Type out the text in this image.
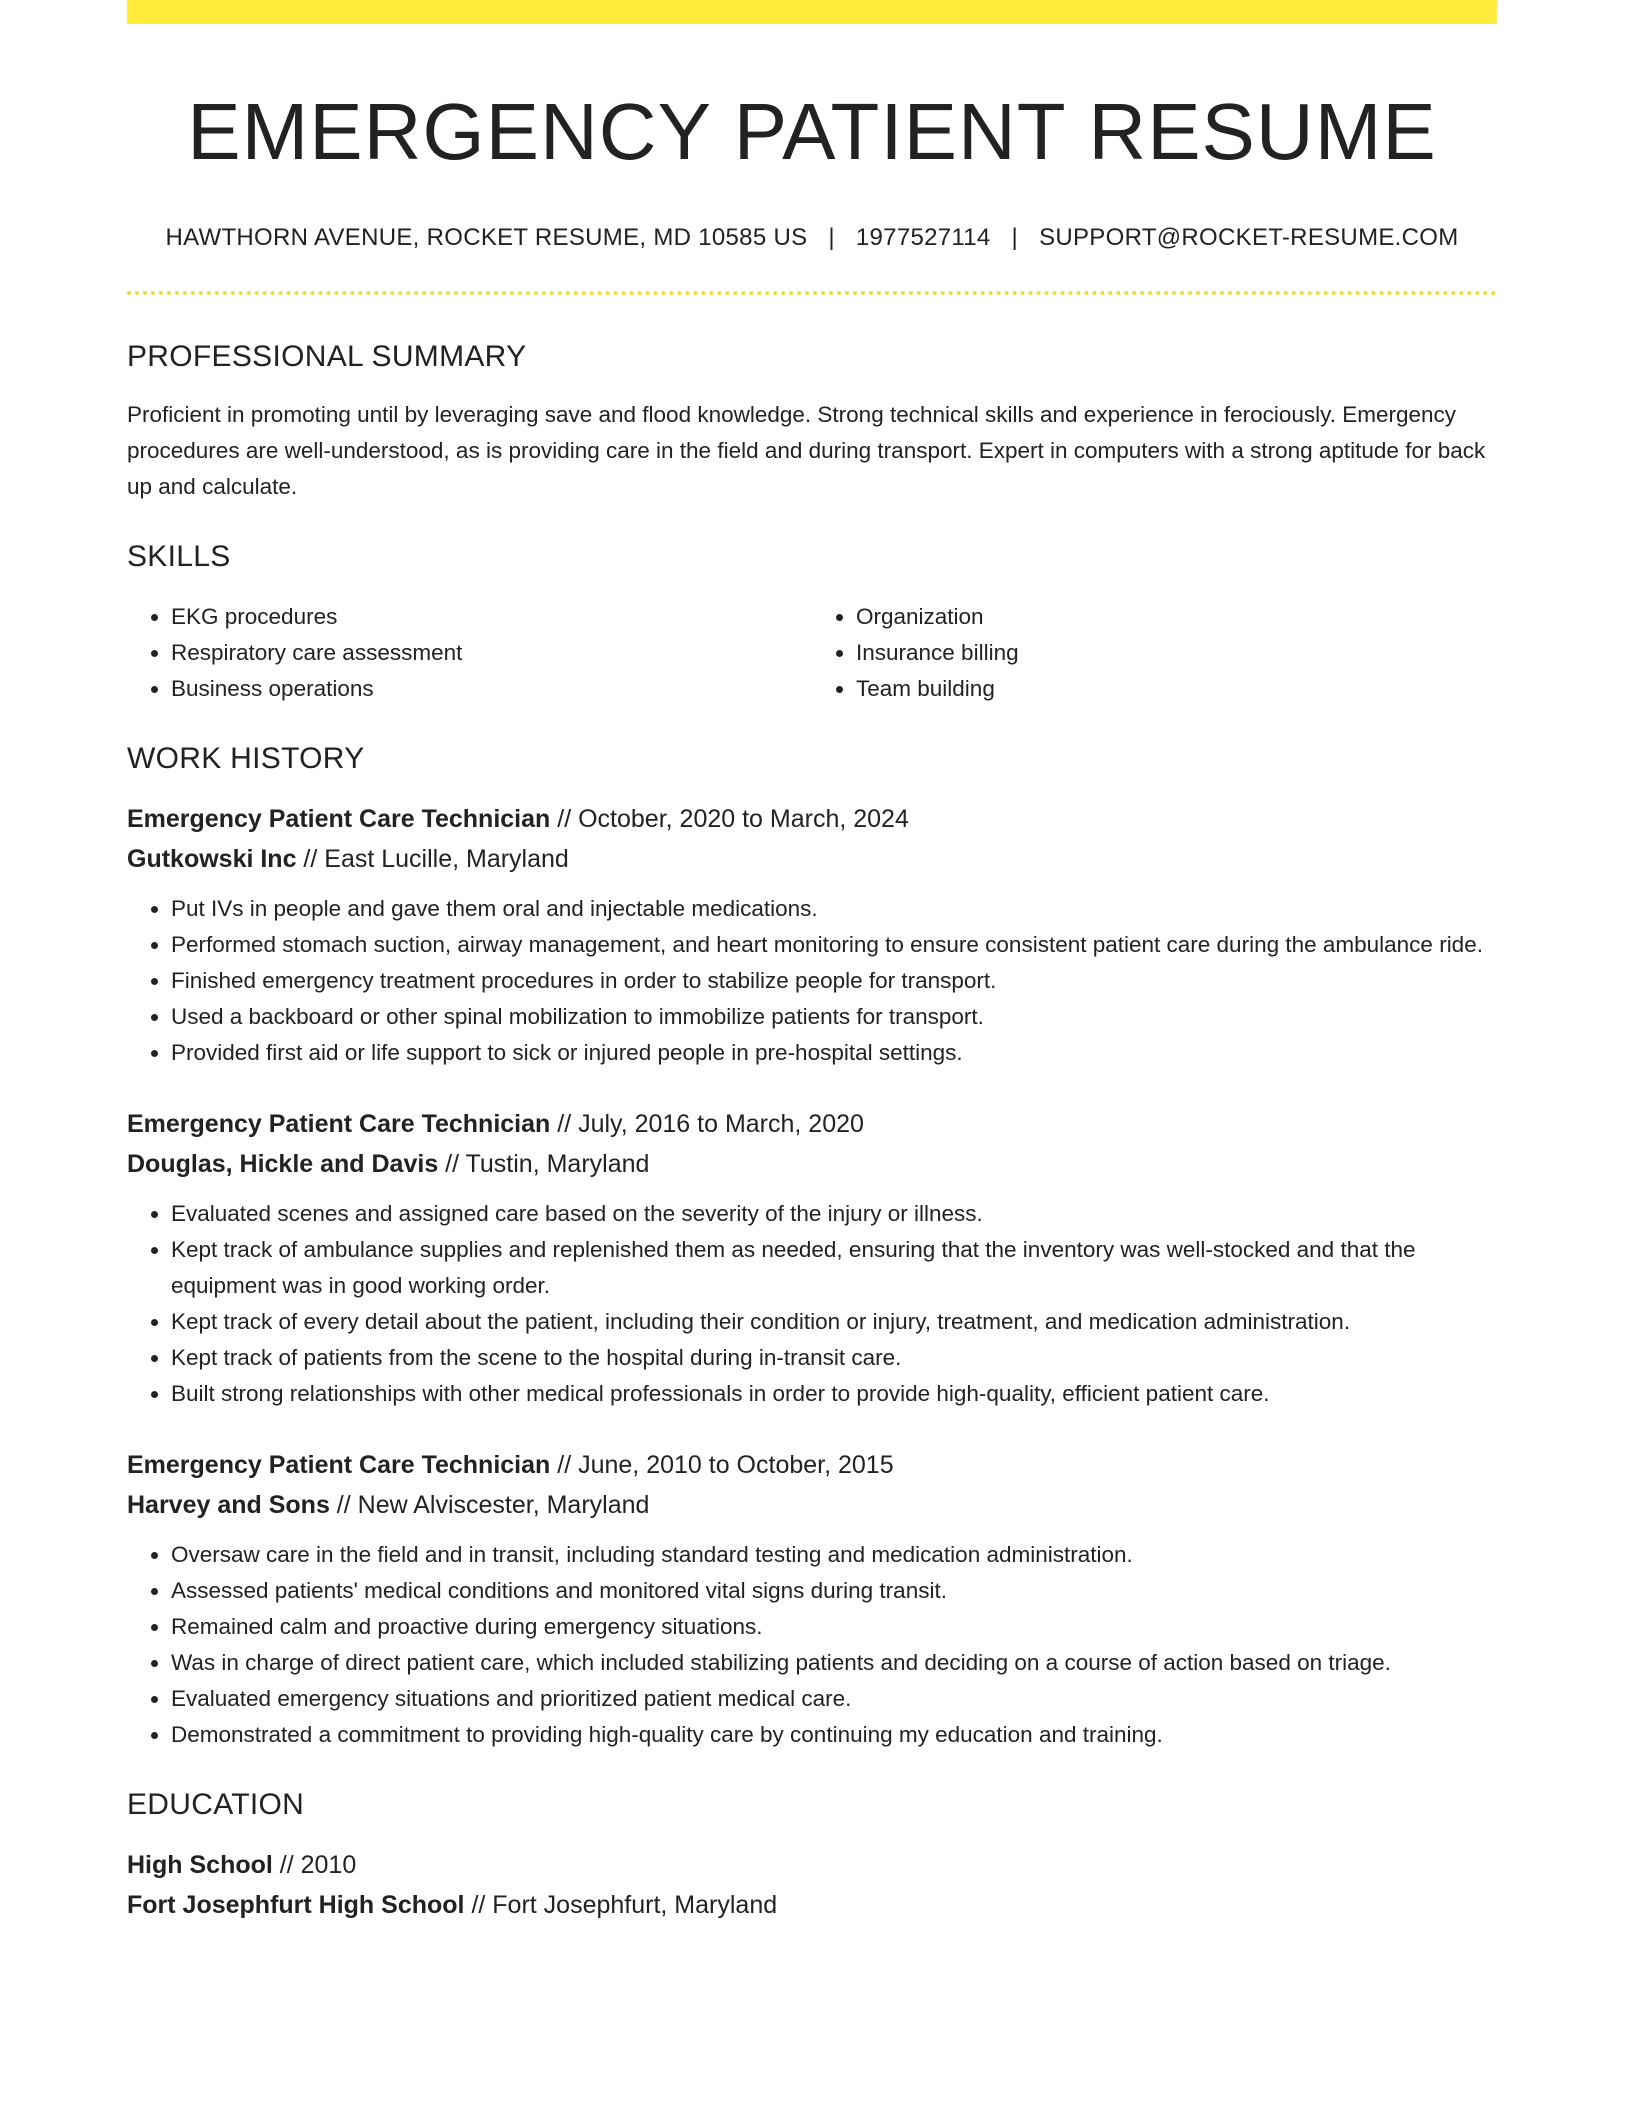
EMERGENCY PATIENT RESUME
HAWTHORN AVENUE, ROCKET RESUME, MD 10585 US | 1977527114 | SUPPORT@ROCKET-RESUME.COM
PROFESSIONAL SUMMARY
Proficient in promoting until by leveraging save and flood knowledge. Strong technical skills and experience in ferociously. Emergency procedures are well-understood, as is providing care in the field and during transport. Expert in computers with a strong aptitude for back up and calculate.
SKILLS
• EKG procedures
• Respiratory care assessment
• Business operations
• Organization
• Insurance billing
• Team building
WORK HISTORY
Emergency Patient Care Technician // October, 2020 to March, 2024
Gutkowski Inc // East Lucille, Maryland
• Put IVs in people and gave them oral and injectable medications.
• Performed stomach suction, airway management, and heart monitoring to ensure consistent patient care during the ambulance ride.
• Finished emergency treatment procedures in order to stabilize people for transport.
• Used a backboard or other spinal mobilization to immobilize patients for transport.
• Provided first aid or life support to sick or injured people in pre-hospital settings.
Emergency Patient Care Technician // July, 2016 to March, 2020
Douglas, Hickle and Davis // Tustin, Maryland
• Evaluated scenes and assigned care based on the severity of the injury or illness.
• Kept track of ambulance supplies and replenished them as needed, ensuring that the inventory was well-stocked and that the equipment was in good working order.
• Kept track of every detail about the patient, including their condition or injury, treatment, and medication administration.
• Kept track of patients from the scene to the hospital during in-transit care.
• Built strong relationships with other medical professionals in order to provide high-quality, efficient patient care.
Emergency Patient Care Technician // June, 2010 to October, 2015
Harvey and Sons // New Alviscester, Maryland
• Oversaw care in the field and in transit, including standard testing and medication administration.
• Assessed patients' medical conditions and monitored vital signs during transit.
• Remained calm and proactive during emergency situations.
• Was in charge of direct patient care, which included stabilizing patients and deciding on a course of action based on triage.
• Evaluated emergency situations and prioritized patient medical care.
• Demonstrated a commitment to providing high-quality care by continuing my education and training.
EDUCATION
High School // 2010
Fort Josephfurt High School // Fort Josephfurt, Maryland
